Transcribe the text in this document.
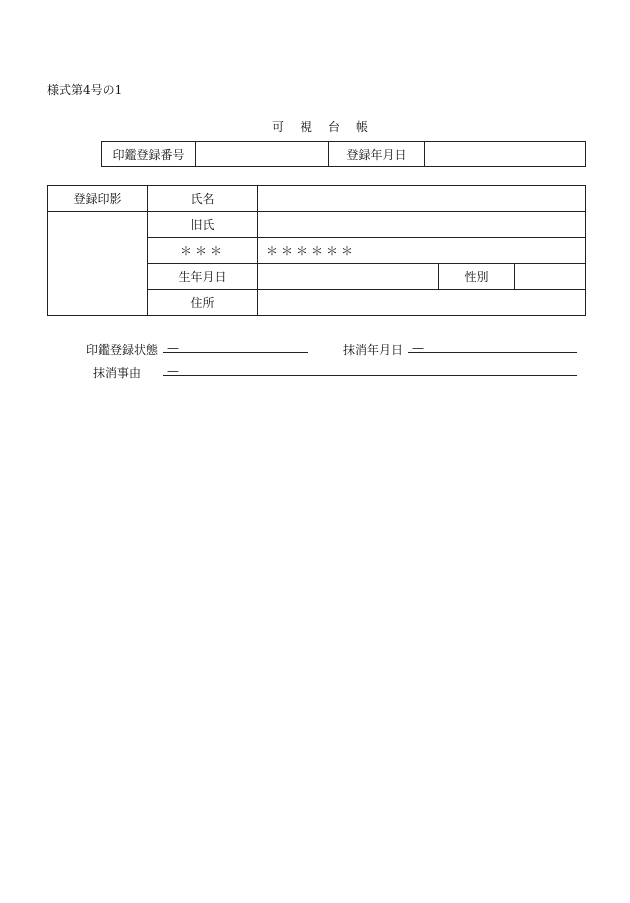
様式第4号の1
可 視 台 帳
印鑑登録番号		登録年月日	
登録印影	氏名			
	旧氏			
	＊＊＊	＊＊＊＊＊＊		
	生年月日		性別	
	住所			
印鑑登録状態 —	抹消年月日 —
抹消事由 —
